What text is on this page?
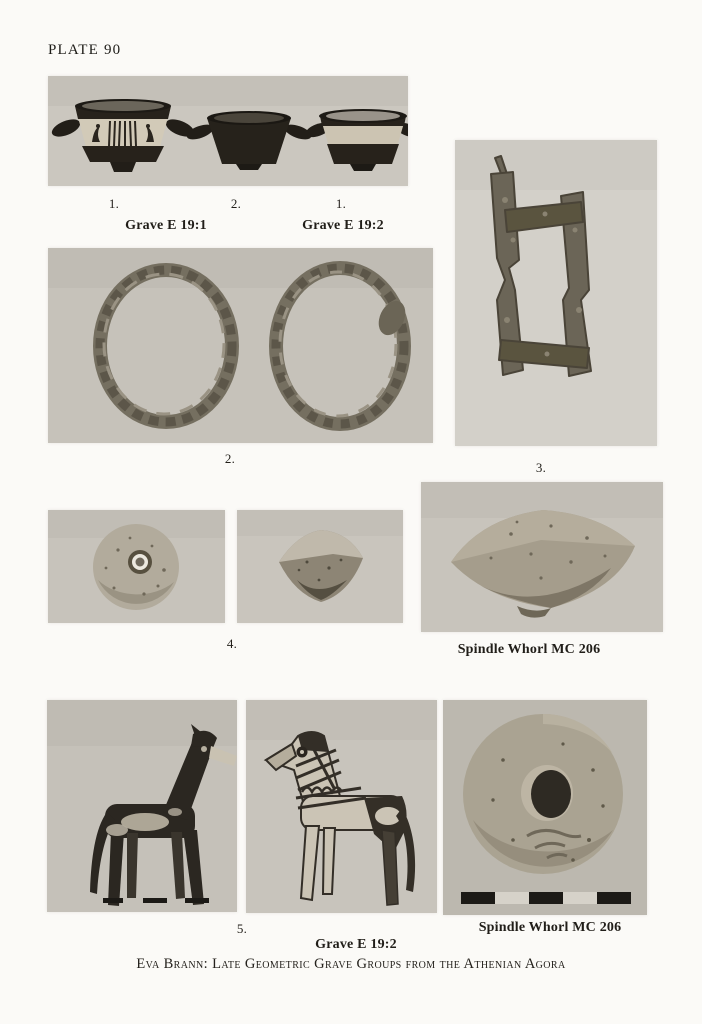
PLATE 90
1.	2.	1.
Grave E 19:1	Grave E 19:2
2.
3.
4.	Spindle Whorl MC 206
5.	Spindle Whorl MC 206
Grave E 19:2
Eva Brann: Late Geometric Grave Groups from the Athenian Agora
